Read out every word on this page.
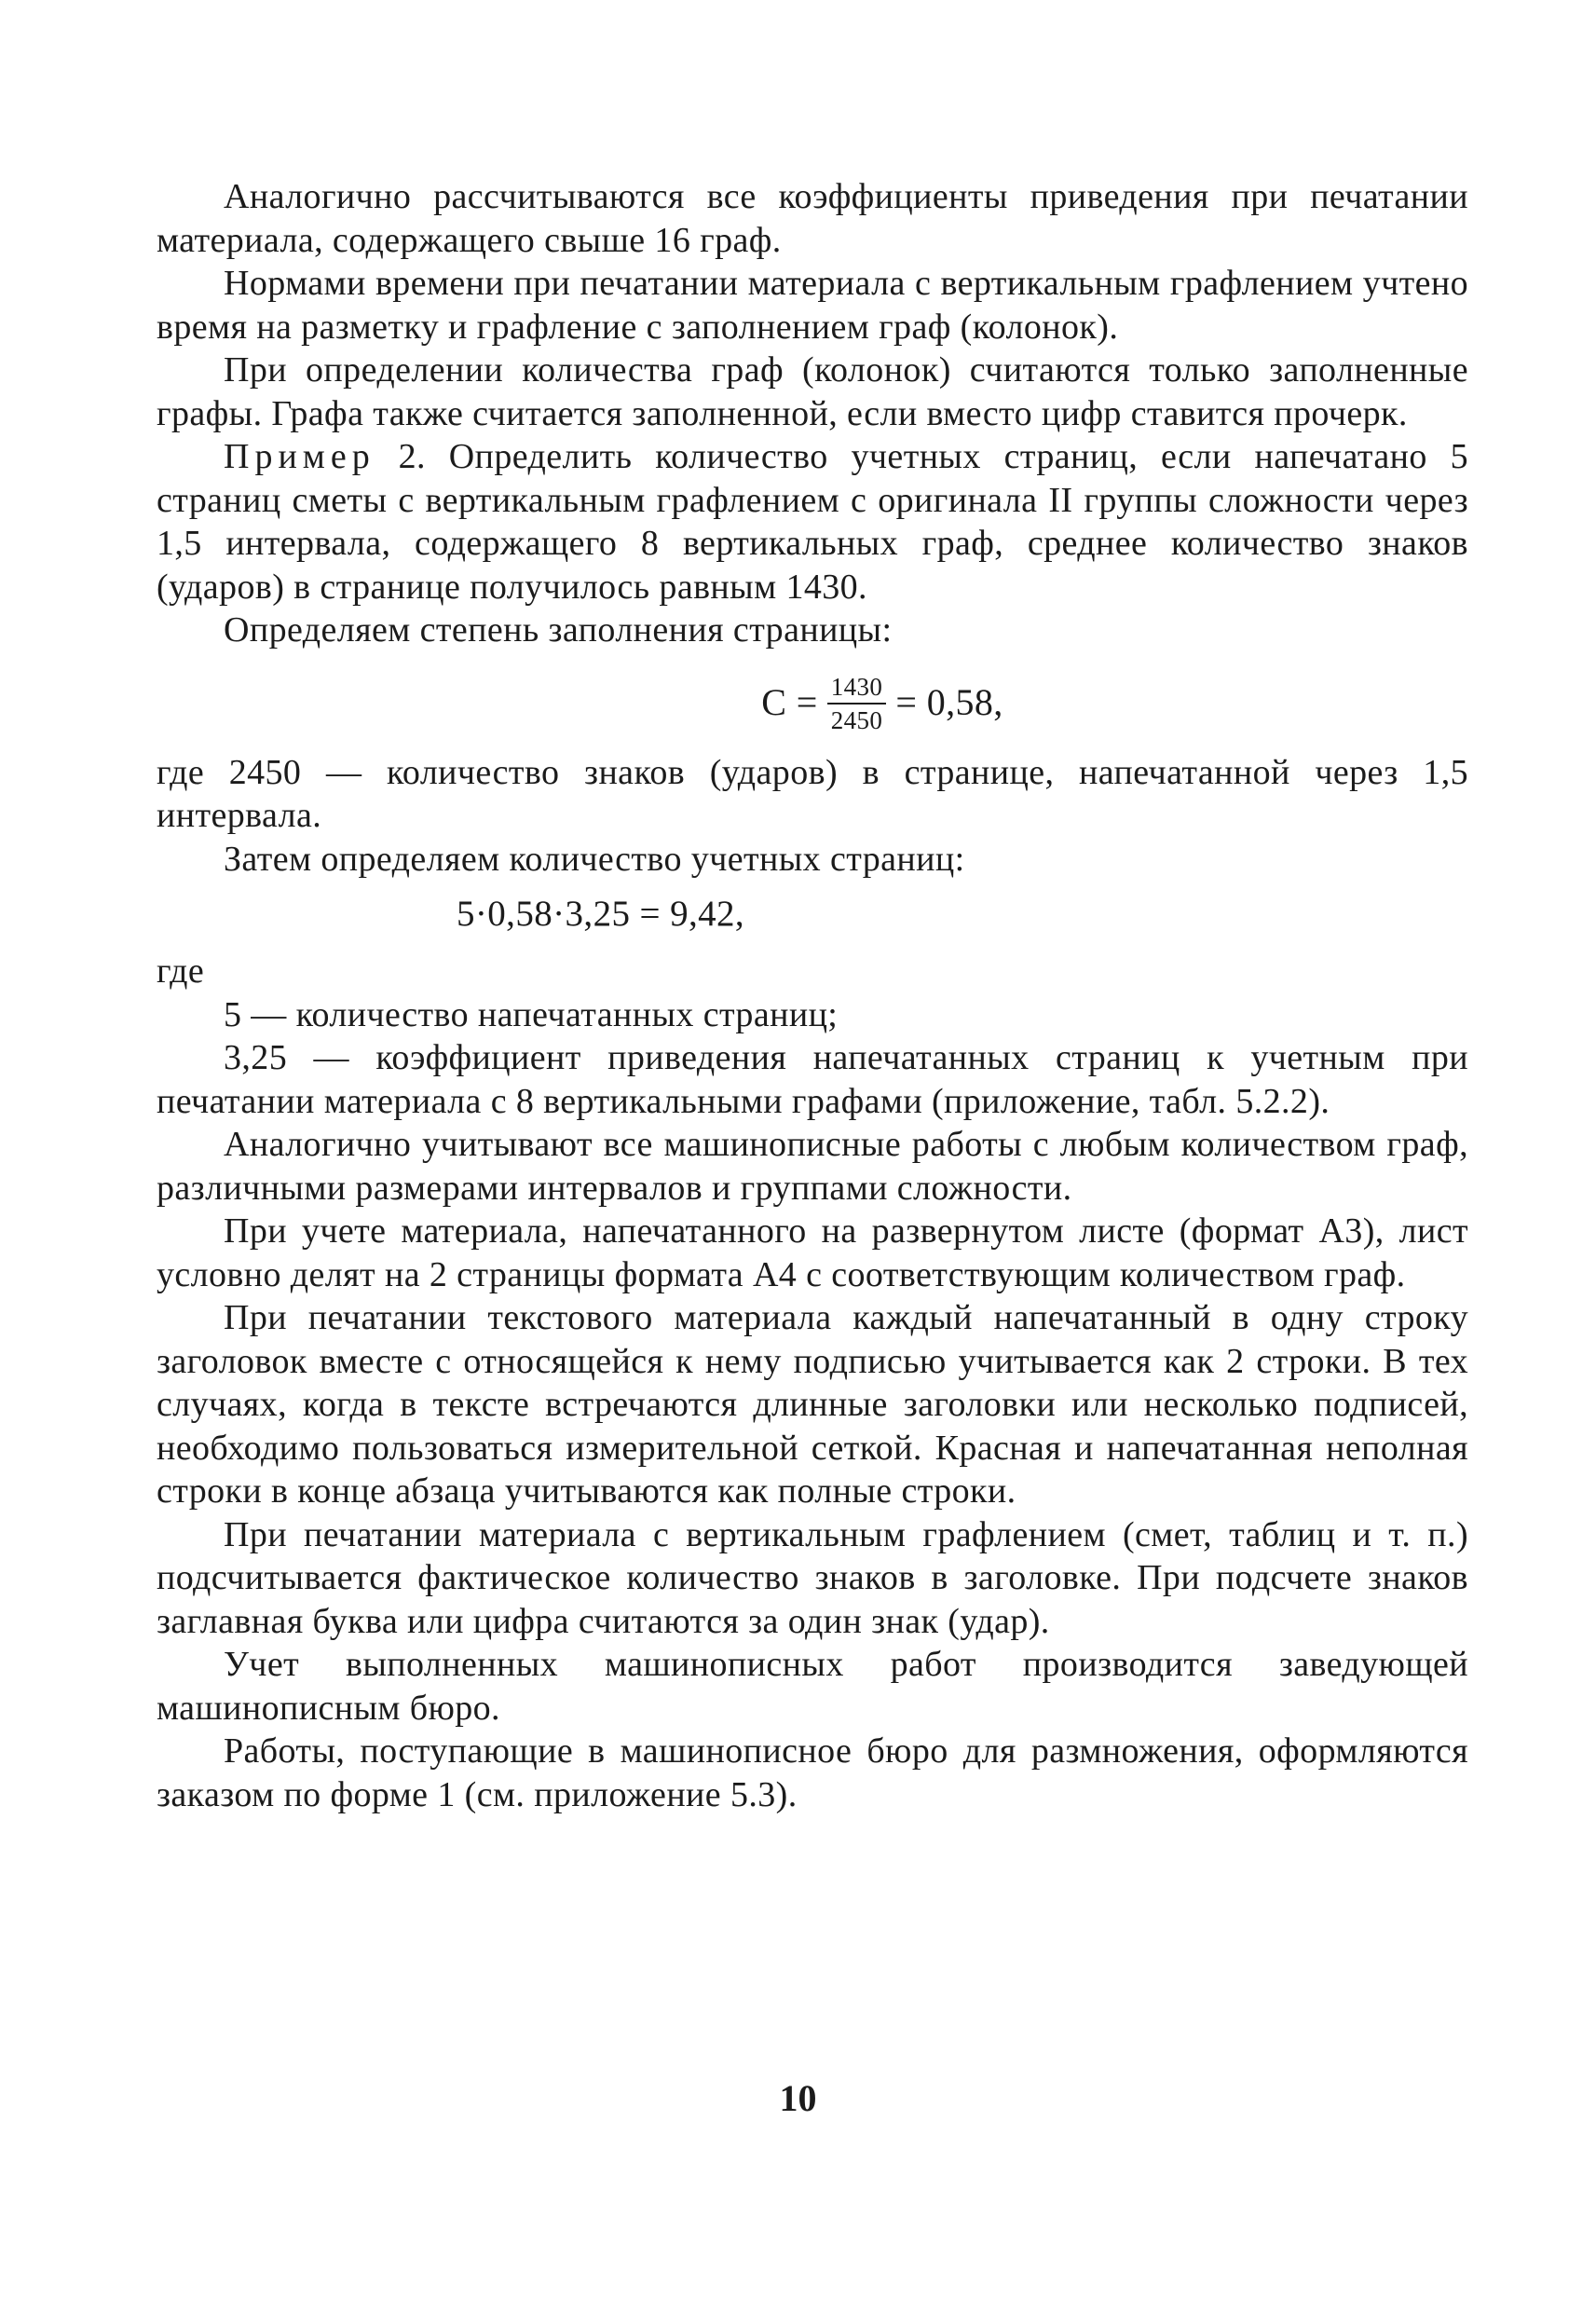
Аналогично рассчитываются все коэффициенты приведения при печатании материала, содержащего свыше 16 граф.

Нормами времени при печатании материала с вертикальным графлением учтено время на разметку и графление с заполнением граф (колонок).

При определении количества граф (колонок) считаются только заполненные графы. Графа также считается заполненной, если вместо цифр ставится прочерк.

Пример 2. Определить количество учетных страниц, если напечатано 5 страниц сметы с вертикальным графлением с оригинала II группы сложности через 1,5 интервала, содержащего 8 вертикальных граф, среднее количество знаков (ударов) в странице получилось равным 1430.

Определяем степень заполнения страницы:

$С = \frac{1430}{2450} = 0,58$,

где 2450 — количество знаков (ударов) в странице, напечатанной через 1,5 интервала.

Затем определяем количество учетных страниц:

5·0,58·3,25 = 9,42,

где

5 — количество напечатанных страниц;

3,25 — коэффициент приведения напечатанных страниц к учетным при печатании материала с 8 вертикальными графами (приложение, табл. 5.2.2).

Аналогично учитывают все машинописные работы с любым количеством граф, различными размерами интервалов и группами сложности.

При учете материала, напечатанного на развернутом листе (формат А3), лист условно делят на 2 страницы формата А4 с соответствующим количеством граф.

При печатании текстового материала каждый напечатанный в одну строку заголовок вместе с относящейся к нему подписью учитывается как 2 строки. В тех случаях, когда в тексте встречаются длинные заголовки или несколько подписей, необходимо пользоваться измерительной сеткой. Красная и напечатанная неполная строки в конце абзаца учитываются как полные строки.

При печатании материала с вертикальным графлением (смет, таблиц и т. п.) подсчитывается фактическое количество знаков в заголовке. При подсчете знаков заглавная буква или цифра считаются за один знак (удар).

Учет выполненных машинописных работ производится заведующей машинописным бюро.

Работы, поступающие в машинописное бюро для размножения, оформляются заказом по форме 1 (см. приложение 5.3).

10
